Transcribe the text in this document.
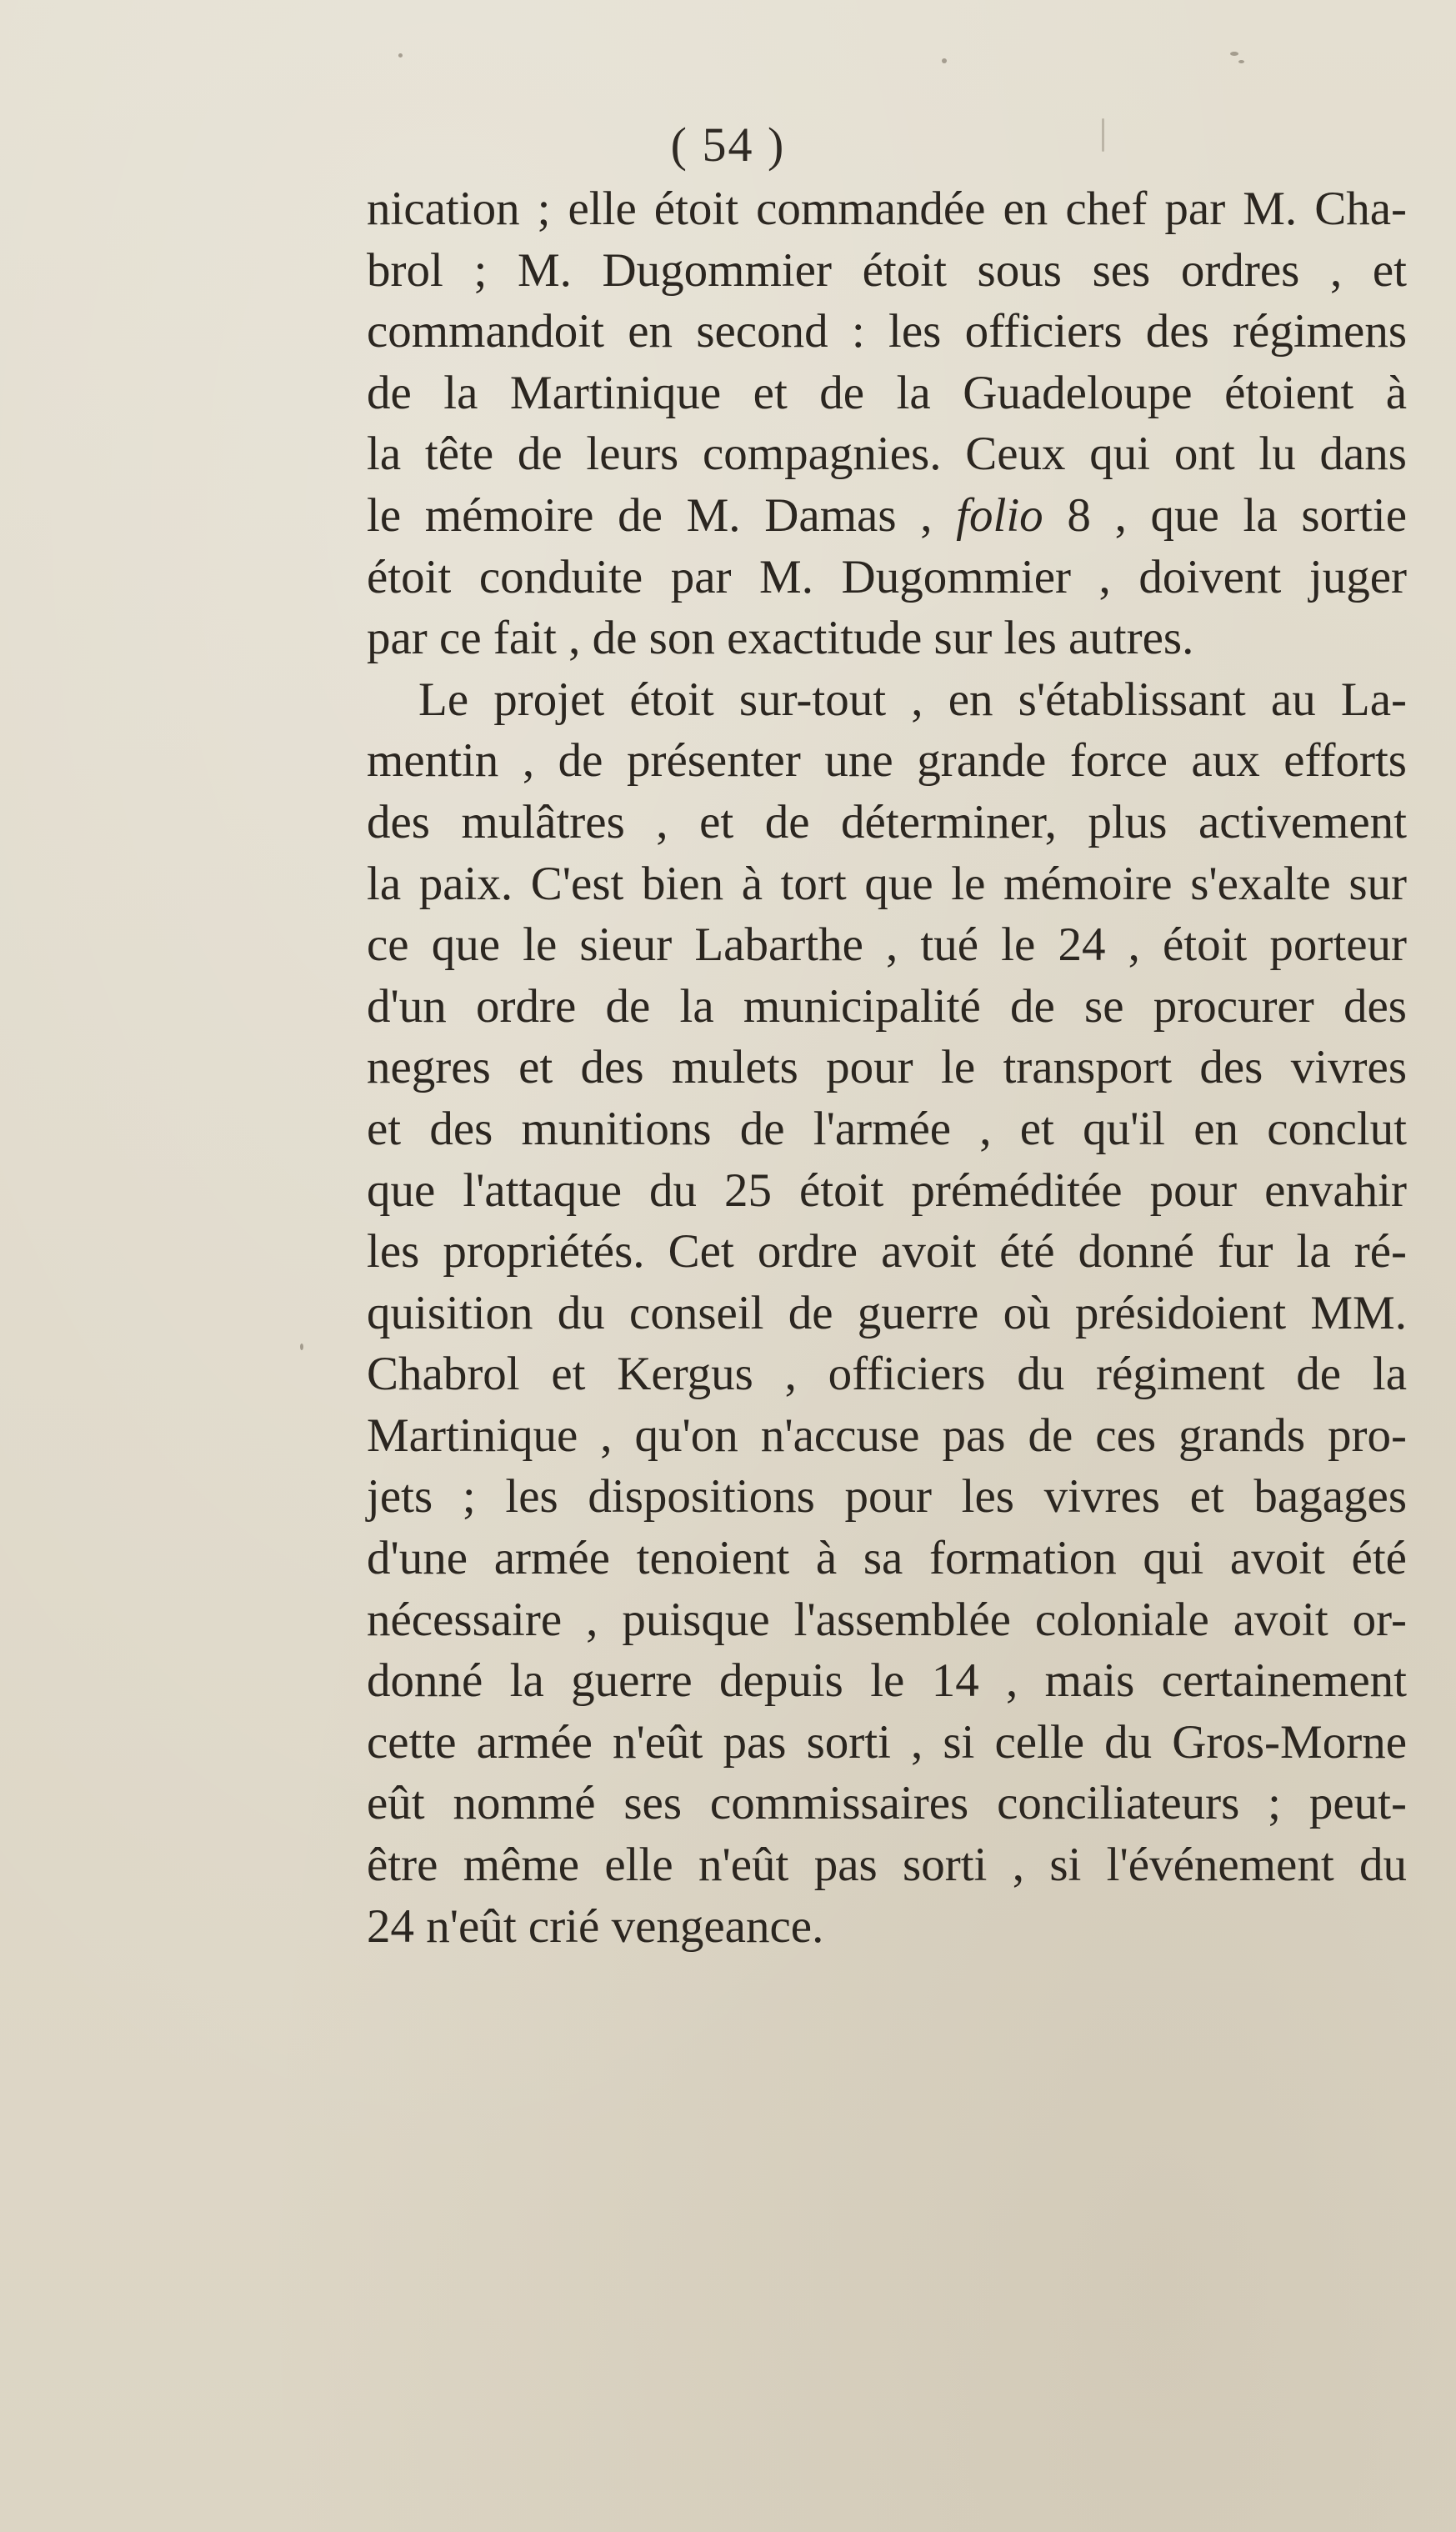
( 54 )
nication ; elle étoit commandée en chef par M. Cha-
brol ; M. Dugommier étoit sous ses ordres , et
commandoit en second : les officiers des régimens
de la Martinique et de la Guadeloupe étoient à
la tête de leurs compagnies. Ceux qui ont lu dans
le mémoire de M. Damas , folio 8 , que la sortie
étoit conduite par M. Dugommier , doivent juger
par ce fait , de son exactitude sur les autres.
Le projet étoit sur-tout , en s'établissant au La-
mentin , de présenter une grande force aux efforts
des mulâtres , et de déterminer, plus activement
la paix. C'est bien à tort que le mémoire s'exalte sur
ce que le sieur Labarthe , tué le 24 , étoit porteur
d'un ordre de la municipalité de se procurer des
negres et des mulets pour le transport des vivres
et des munitions de l'armée , et qu'il en conclut
que l'attaque du 25 étoit préméditée pour envahir
les propriétés. Cet ordre avoit été donné fur la ré-
quisition du conseil de guerre où présidoient MM.
Chabrol et Kergus , officiers du régiment de la
Martinique , qu'on n'accuse pas de ces grands pro-
jets ; les dispositions pour les vivres et bagages
d'une armée tenoient à sa formation qui avoit été
nécessaire , puisque l'assemblée coloniale avoit or-
donné la guerre depuis le 14 , mais certainement
cette armée n'eût pas sorti , si celle du Gros-Morne
eût nommé ses commissaires conciliateurs ; peut-
être même elle n'eût pas sorti , si l'événement du
24 n'eût crié vengeance.
